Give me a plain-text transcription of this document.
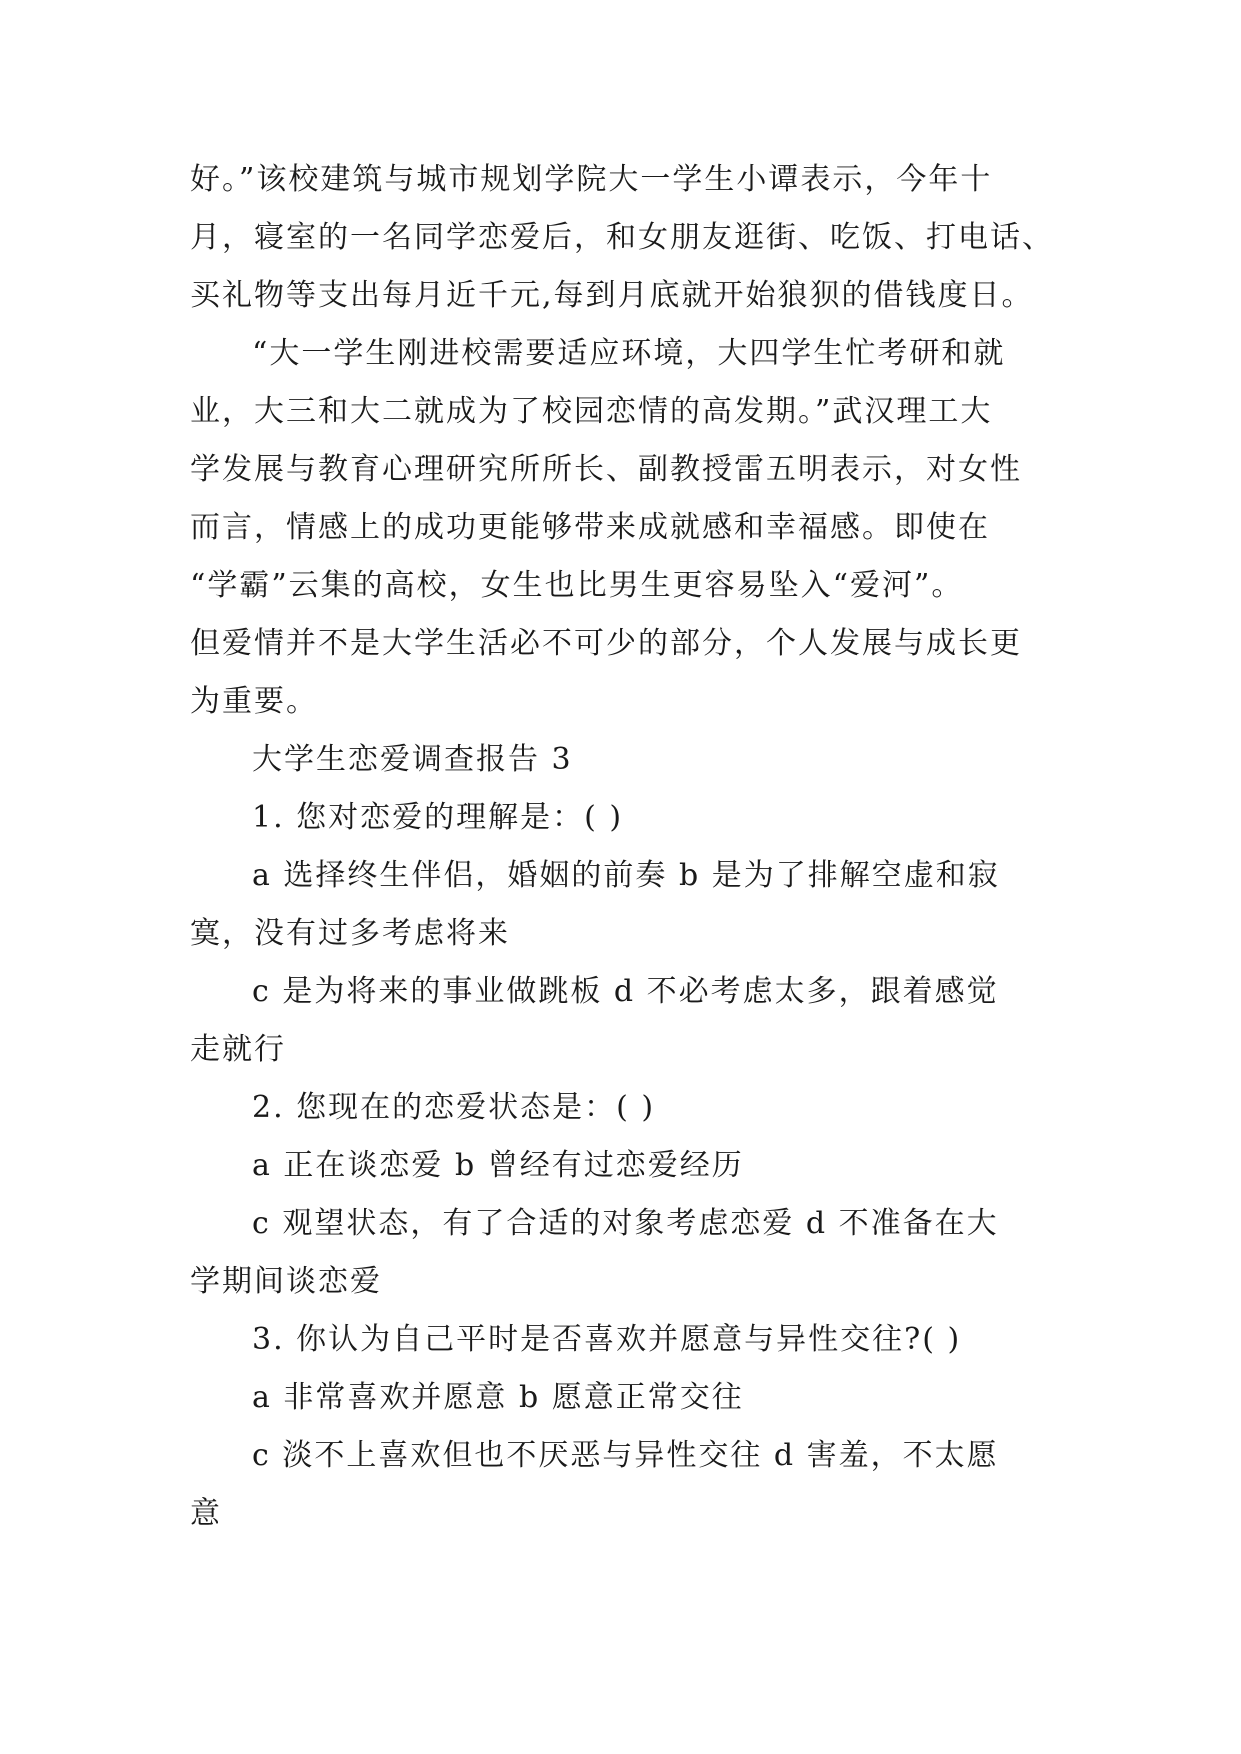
好。”该校建筑与城市规划学院大一学生小谭表示，今年十
月，寝室的一名同学恋爱后，和女朋友逛街、吃饭、打电话、
买礼物等支出每月近千元,每到月底就开始狼狈的借钱度日。
“大一学生刚进校需要适应环境，大四学生忙考研和就
业，大三和大二就成为了校园恋情的高发期。”武汉理工大
学发展与教育心理研究所所长、副教授雷五明表示，对女性
而言，情感上的成功更能够带来成就感和幸福感。即使在
“学霸”云集的高校，女生也比男生更容易坠入“爱河”。
但爱情并不是大学生活必不可少的部分，个人发展与成长更
为重要。
大学生恋爱调查报告 3
1. 您对恋爱的理解是：( )
a 选择终生伴侣，婚姻的前奏 b 是为了排解空虚和寂
寞，没有过多考虑将来
c 是为将来的事业做跳板 d 不必考虑太多，跟着感觉
走就行
2. 您现在的恋爱状态是：( )
a 正在谈恋爱 b 曾经有过恋爱经历
c 观望状态，有了合适的对象考虑恋爱 d 不准备在大
学期间谈恋爱
3. 你认为自己平时是否喜欢并愿意与异性交往?( )
a 非常喜欢并愿意 b 愿意正常交往
c 淡不上喜欢但也不厌恶与异性交往 d 害羞，不太愿
意
